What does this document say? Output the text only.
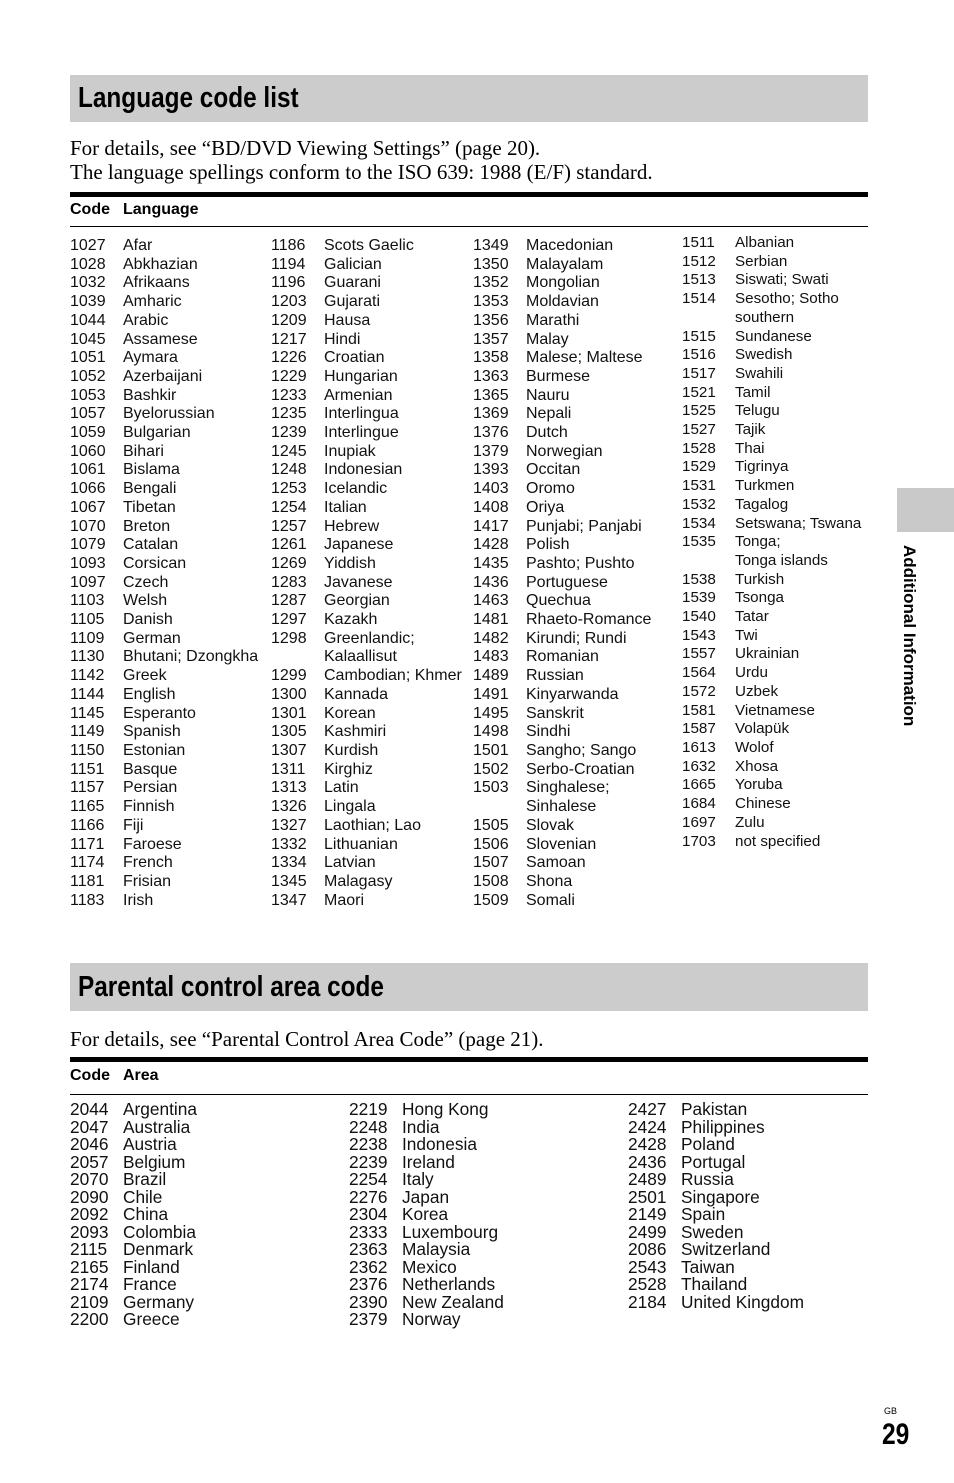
Language code list
For details, see “BD/DVD Viewing Settings” (page 20).
The language spellings conform to the ISO 639: 1988 (E/F) standard.
Code Language
1027	Afar
1028	Abkhazian
1032	Afrikaans
1039	Amharic
1044	Arabic
1045	Assamese
1051	Aymara
1052	Azerbaijani
1053	Bashkir
1057	Byelorussian
1059	Bulgarian
1060	Bihari
1061	Bislama
1066	Bengali
1067	Tibetan
1070	Breton
1079	Catalan
1093	Corsican
1097	Czech
1103	Welsh
1105	Danish
1109	German
1130	Bhutani; Dzongkha
1142	Greek
1144	English
1145	Esperanto
1149	Spanish
1150	Estonian
1151	Basque
1157	Persian
1165	Finnish
1166	Fiji
1171	Faroese
1174	French
1181	Frisian
1183	Irish
1186	Scots Gaelic
1194	Galician
1196	Guarani
1203	Gujarati
1209	Hausa
1217	Hindi
1226	Croatian
1229	Hungarian
1233	Armenian
1235	Interlingua
1239	Interlingue
1245	Inupiak
1248	Indonesian
1253	Icelandic
1254	Italian
1257	Hebrew
1261	Japanese
1269	Yiddish
1283	Javanese
1287	Georgian
1297	Kazakh
1298	Greenlandic;
Kalaallisut
1299	Cambodian; Khmer
1300	Kannada
1301	Korean
1305	Kashmiri
1307	Kurdish
1311	Kirghiz
1313	Latin
1326	Lingala
1327	Laothian; Lao
1332	Lithuanian
1334	Latvian
1345	Malagasy
1347	Maori
1349	Macedonian
1350	Malayalam
1352	Mongolian
1353	Moldavian
1356	Marathi
1357	Malay
1358	Malese; Maltese
1363	Burmese
1365	Nauru
1369	Nepali
1376	Dutch
1379	Norwegian
1393	Occitan
1403	Oromo
1408	Oriya
1417	Punjabi; Panjabi
1428	Polish
1435	Pashto; Pushto
1436	Portuguese
1463	Quechua
1481	Rhaeto-Romance
1482	Kirundi; Rundi
1483	Romanian
1489	Russian
1491	Kinyarwanda
1495	Sanskrit
1498	Sindhi
1501	Sangho; Sango
1502	Serbo-Croatian
1503	Singhalese;
Sinhalese
1505	Slovak
1506	Slovenian
1507	Samoan
1508	Shona
1509	Somali
1511	Albanian
1512	Serbian
1513	Siswati; Swati
1514	Sesotho; Sotho
southern
1515	Sundanese
1516	Swedish
1517	Swahili
1521	Tamil
1525	Telugu
1527	Tajik
1528	Thai
1529	Tigrinya
1531	Turkmen
1532	Tagalog
1534	Setswana; Tswana
1535	Tonga;
Tonga islands
1538	Turkish
1539	Tsonga
1540	Tatar
1543	Twi
1557	Ukrainian
1564	Urdu
1572	Uzbek
1581	Vietnamese
1587	Volapük
1613	Wolof
1632	Xhosa
1665	Yoruba
1684	Chinese
1697	Zulu
1703	not specified
Parental control area code
For details, see “Parental Control Area Code” (page 21).
Code Area
2044 Argentina
2047 Australia
2046 Austria
2057 Belgium
2070 Brazil
2090 Chile
2092 China
2093 Colombia
2115 Denmark
2165 Finland
2174 France
2109 Germany
2200 Greece
2219 Hong Kong
2248 India
2238 Indonesia
2239 Ireland
2254 Italy
2276 Japan
2304 Korea
2333 Luxembourg
2363 Malaysia
2362 Mexico
2376 Netherlands
2390 New Zealand
2379 Norway
2427 Pakistan
2424 Philippines
2428 Poland
2436 Portugal
2489 Russia
2501 Singapore
2149 Spain
2499 Sweden
2086 Switzerland
2543 Taiwan
2528 Thailand
2184 United Kingdom
Additional Information
GB
29
